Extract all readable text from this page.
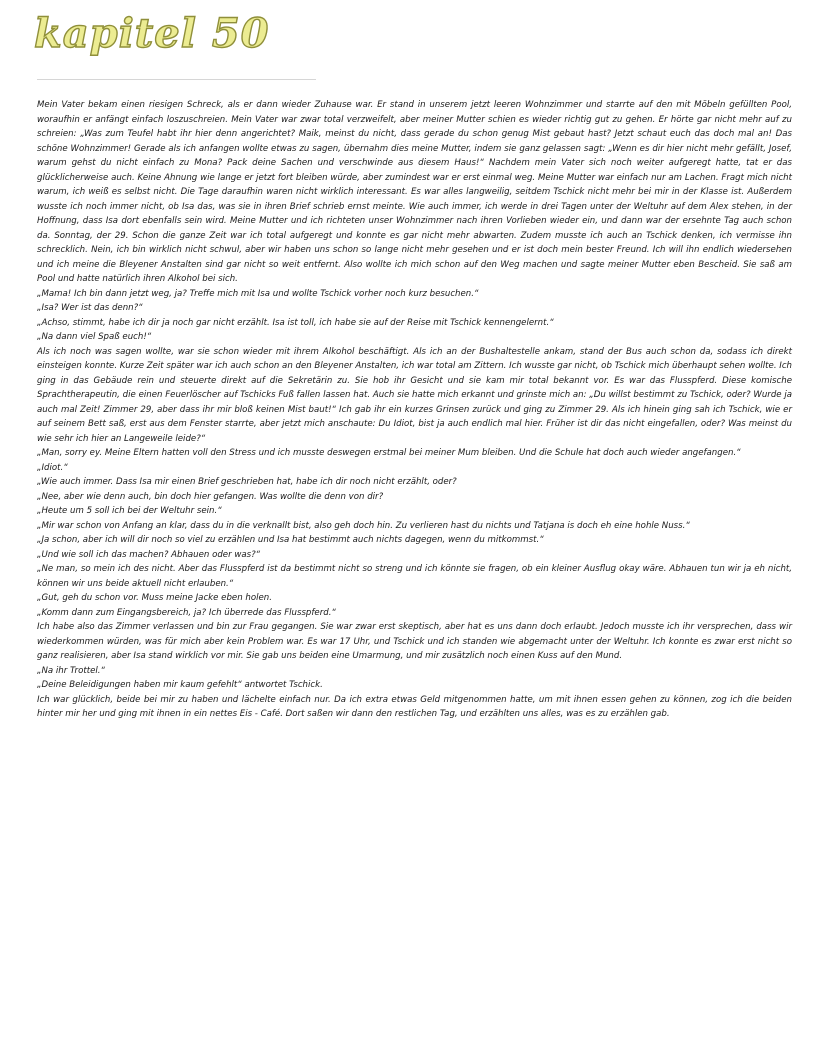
kapitel 50

Mein Vater bekam einen riesigen Schreck, als er dann wieder Zuhause war. Er stand in unserem jetzt leeren Wohnzimmer und starrte auf den mit Möbeln gefüllten Pool, woraufhin er anfängt einfach loszuschreien. Mein Vater war zwar total verzweifelt, aber meiner Mutter schien es wieder richtig gut zu gehen. Er hörte gar nicht mehr auf zu schreien: „Was zum Teufel habt ihr hier denn angerichtet? Maik, meinst du nicht, dass gerade du schon genug Mist gebaut hast? Jetzt schaut euch das doch mal an! Das schöne Wohnzimmer! Gerade als ich anfangen wollte etwas zu sagen, übernahm dies meine Mutter, indem sie ganz gelassen sagt: „Wenn es dir hier nicht mehr gefällt, Josef, warum gehst du nicht einfach zu Mona? Pack deine Sachen und verschwinde aus diesem Haus!“ Nachdem mein Vater sich noch weiter aufgeregt hatte, tat er das glücklicherweise auch. Keine Ahnung wie lange er jetzt fort bleiben würde, aber zumindest war er erst einmal weg. Meine Mutter war einfach nur am Lachen. Fragt mich nicht warum, ich weiß es selbst nicht. Die Tage daraufhin waren nicht wirklich interessant. Es war alles langweilig, seitdem Tschick nicht mehr bei mir in der Klasse ist. Außerdem wusste ich noch immer nicht, ob Isa das, was sie in ihren Brief schrieb ernst meinte. Wie auch immer, ich werde in drei Tagen unter der Weltuhr auf dem Alex stehen, in der Hoffnung, dass Isa dort ebenfalls sein wird. Meine Mutter und ich richteten unser Wohnzimmer nach ihren Vorlieben wieder ein, und dann war der ersehnte Tag auch schon da. Sonntag, der 29. Schon die ganze Zeit war ich total aufgeregt und konnte es gar nicht mehr abwarten. Zudem musste ich auch an Tschick denken, ich vermisse ihn schrecklich. Nein, ich bin wirklich nicht schwul, aber wir haben uns schon so lange nicht mehr gesehen und er ist doch mein bester Freund. Ich will ihn endlich wiedersehen und ich meine die Bleyener Anstalten sind gar nicht so weit entfernt. Also wollte ich mich schon auf den Weg machen und sagte meiner Mutter eben Bescheid. Sie saß am Pool und hatte natürlich ihren Alkohol bei sich.

„Mama! Ich bin dann jetzt weg, ja? Treffe mich mit Isa und wollte Tschick vorher noch kurz besuchen.“

„Isa? Wer ist das denn?“

„Achso, stimmt, habe ich dir ja noch gar nicht erzählt. Isa ist toll, ich habe sie auf der Reise mit Tschick kennengelernt.“

„Na dann viel Spaß euch!“

Als ich noch was sagen wollte, war sie schon wieder mit ihrem Alkohol beschäftigt. Als ich an der Bushaltestelle ankam, stand der Bus auch schon da, sodass ich direkt einsteigen konnte. Kurze Zeit später war ich auch schon an den Bleyener Anstalten, ich war total am Zittern. Ich wusste gar nicht, ob Tschick mich überhaupt sehen wollte. Ich ging in das Gebäude rein und steuerte direkt auf die Sekretärin zu. Sie hob ihr Gesicht und sie kam mir total bekannt vor. Es war das Flusspferd. Diese komische Sprachtherapeutin, die einen Feuerlöscher auf Tschicks Fuß fallen lassen hat. Auch sie hatte mich erkannt und grinste mich an: „Du willst bestimmt zu Tschick, oder? Wurde ja auch mal Zeit! Zimmer 29, aber dass ihr mir bloß keinen Mist baut!“ Ich gab ihr ein kurzes Grinsen zurück und ging zu Zimmer 29. Als ich hinein ging sah ich Tschick, wie er auf seinem Bett saß, erst aus dem Fenster starrte, aber jetzt mich anschaute: Du Idiot, bist ja auch endlich mal hier. Früher ist dir das nicht eingefallen, oder? Was meinst du wie sehr ich hier an Langeweile leide?“

„Man, sorry ey. Meine Eltern hatten voll den Stress und ich musste deswegen erstmal bei meiner Mum bleiben. Und die Schule hat doch auch wieder angefangen.“

„Idiot.“

„Wie auch immer. Dass Isa mir einen Brief geschrieben hat, habe ich dir noch nicht erzählt, oder?

„Nee, aber wie denn auch, bin doch hier gefangen. Was wollte die denn von dir?

„Heute um 5 soll ich bei der Weltuhr sein.“

„Mir war schon von Anfang an klar, dass du in die verknallt bist, also geh doch hin. Zu verlieren hast du nichts und Tatjana is doch eh eine hohle Nuss.“

„Ja schon, aber ich will dir noch so viel zu erzählen und Isa hat bestimmt auch nichts dagegen, wenn du mitkommst.“

„Und wie soll ich das machen? Abhauen oder was?“

„Ne man, so mein ich des nicht. Aber das Flusspferd ist da bestimmt nicht so streng und ich könnte sie fragen, ob ein kleiner Ausflug okay wäre. Abhauen tun wir ja eh nicht, können wir uns beide aktuell nicht erlauben.“

„Gut, geh du schon vor. Muss meine Jacke eben holen.

„Komm dann zum Eingangsbereich, ja? Ich überrede das Flusspferd.“

Ich habe also das Zimmer verlassen und bin zur Frau gegangen. Sie war zwar erst skeptisch, aber hat es uns dann doch erlaubt. Jedoch musste ich ihr versprechen, dass wir wiederkommen würden, was für mich aber kein Problem war. Es war 17 Uhr, und Tschick und ich standen wie abgemacht unter der Weltuhr. Ich konnte es zwar erst nicht so ganz realisieren, aber Isa stand wirklich vor mir. Sie gab uns beiden eine Umarmung, und mir zusätzlich noch einen Kuss auf den Mund.

„Na ihr Trottel.“

„Deine Beleidigungen haben mir kaum gefehlt“ antwortet Tschick.

Ich war glücklich, beide bei mir zu haben und lächelte einfach nur. Da ich extra etwas Geld mitgenommen hatte, um mit ihnen essen gehen zu können, zog ich die beiden hinter mir her und ging mit ihnen in ein nettes Eis - Café. Dort saßen wir dann den restlichen Tag, und erzählten uns alles, was es zu erzählen gab.
